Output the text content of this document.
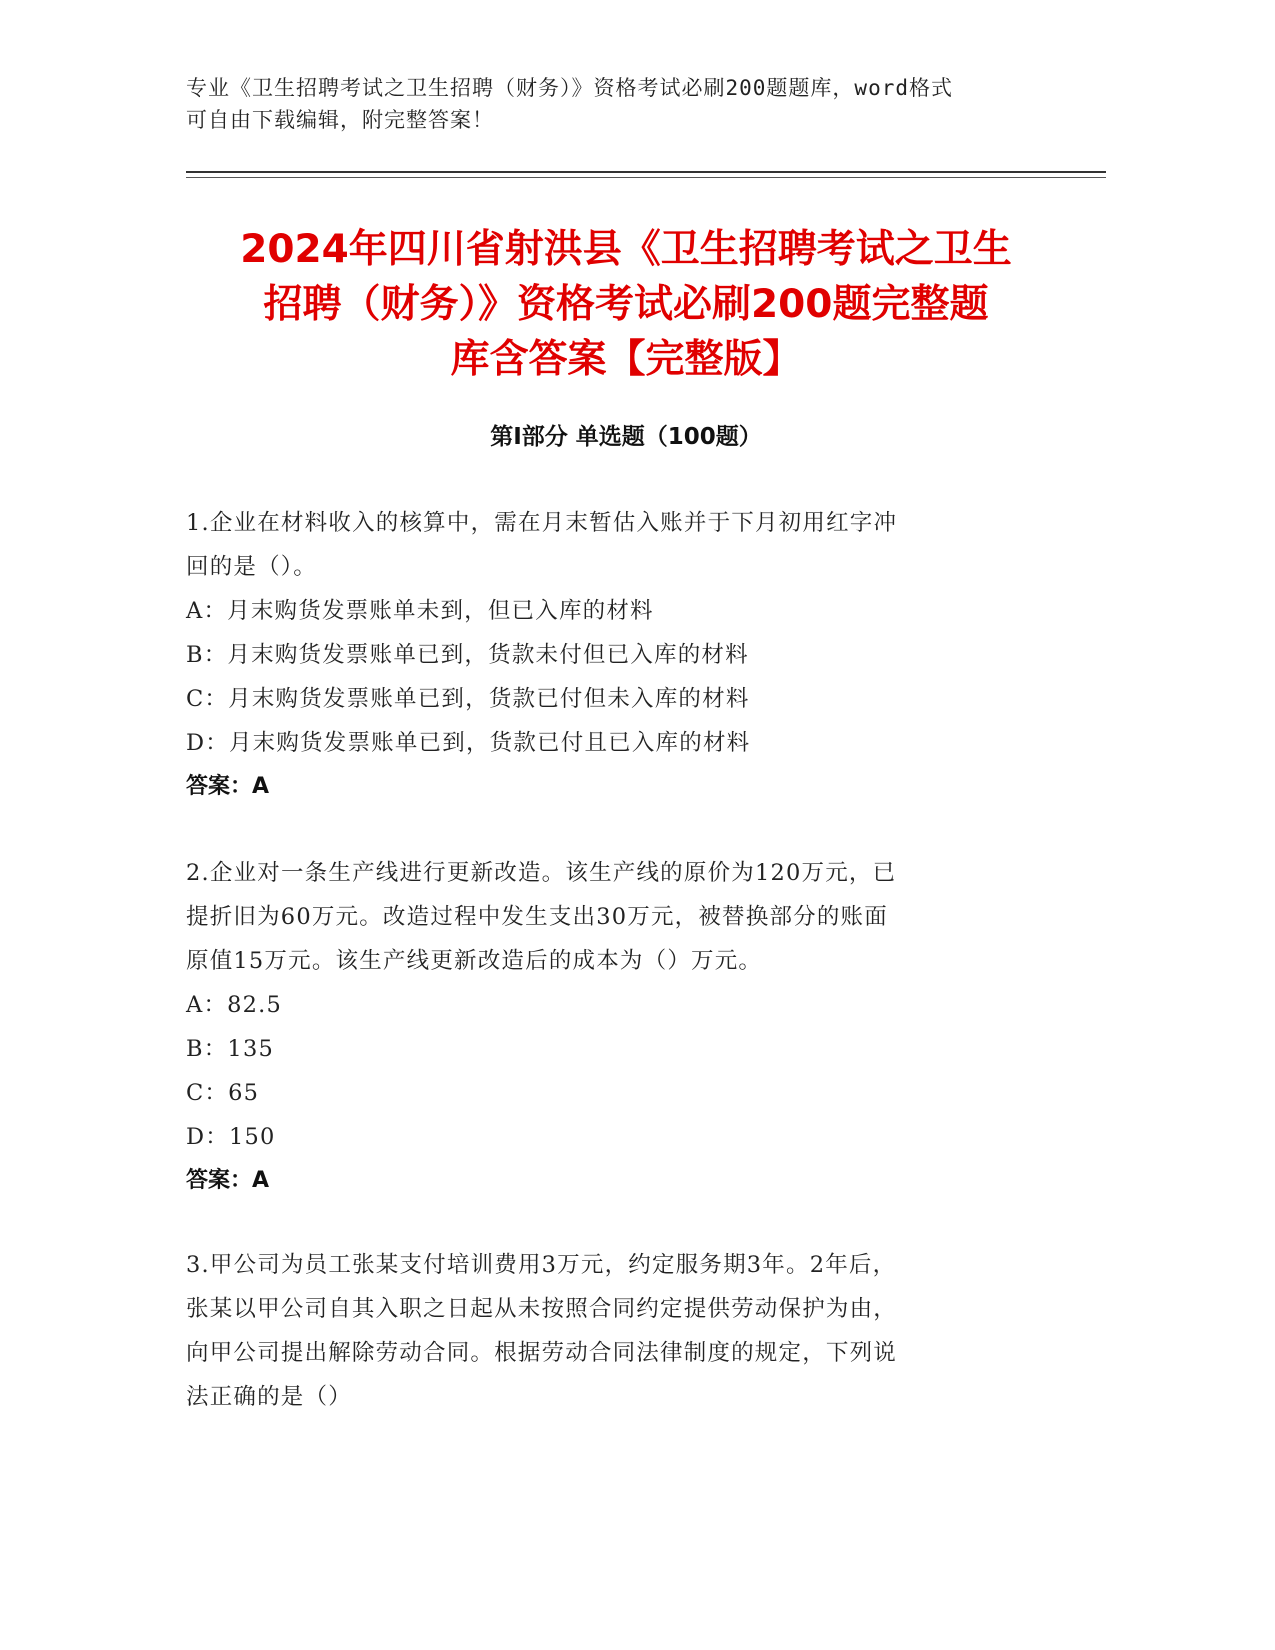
专业《卫生招聘考试之卫生招聘（财务）》资格考试必刷200题题库，word格式
可自由下载编辑，附完整答案！
2024年四川省射洪县《卫生招聘考试之卫生
招聘（财务）》资格考试必刷200题完整题
库含答案【完整版】
第Ⅰ部分 单选题（100题）
1.企业在材料收入的核算中，需在月末暂估入账并于下月初用红字冲
回的是（）。
A：月末购货发票账单未到，但已入库的材料
B：月末购货发票账单已到，货款未付但已入库的材料
C：月末购货发票账单已到，货款已付但未入库的材料
D：月末购货发票账单已到，货款已付且已入库的材料
答案：A
2.企业对一条生产线进行更新改造。该生产线的原价为120万元，已
提折旧为60万元。改造过程中发生支出30万元，被替换部分的账面
原值15万元。该生产线更新改造后的成本为（）万元。
A：82.5
B：135
C：65
D：150
答案：A
3.甲公司为员工张某支付培训费用3万元，约定服务期3年。2年后，
张某以甲公司自其入职之日起从未按照合同约定提供劳动保护为由，
向甲公司提出解除劳动合同。根据劳动合同法律制度的规定，下列说
法正确的是（）
